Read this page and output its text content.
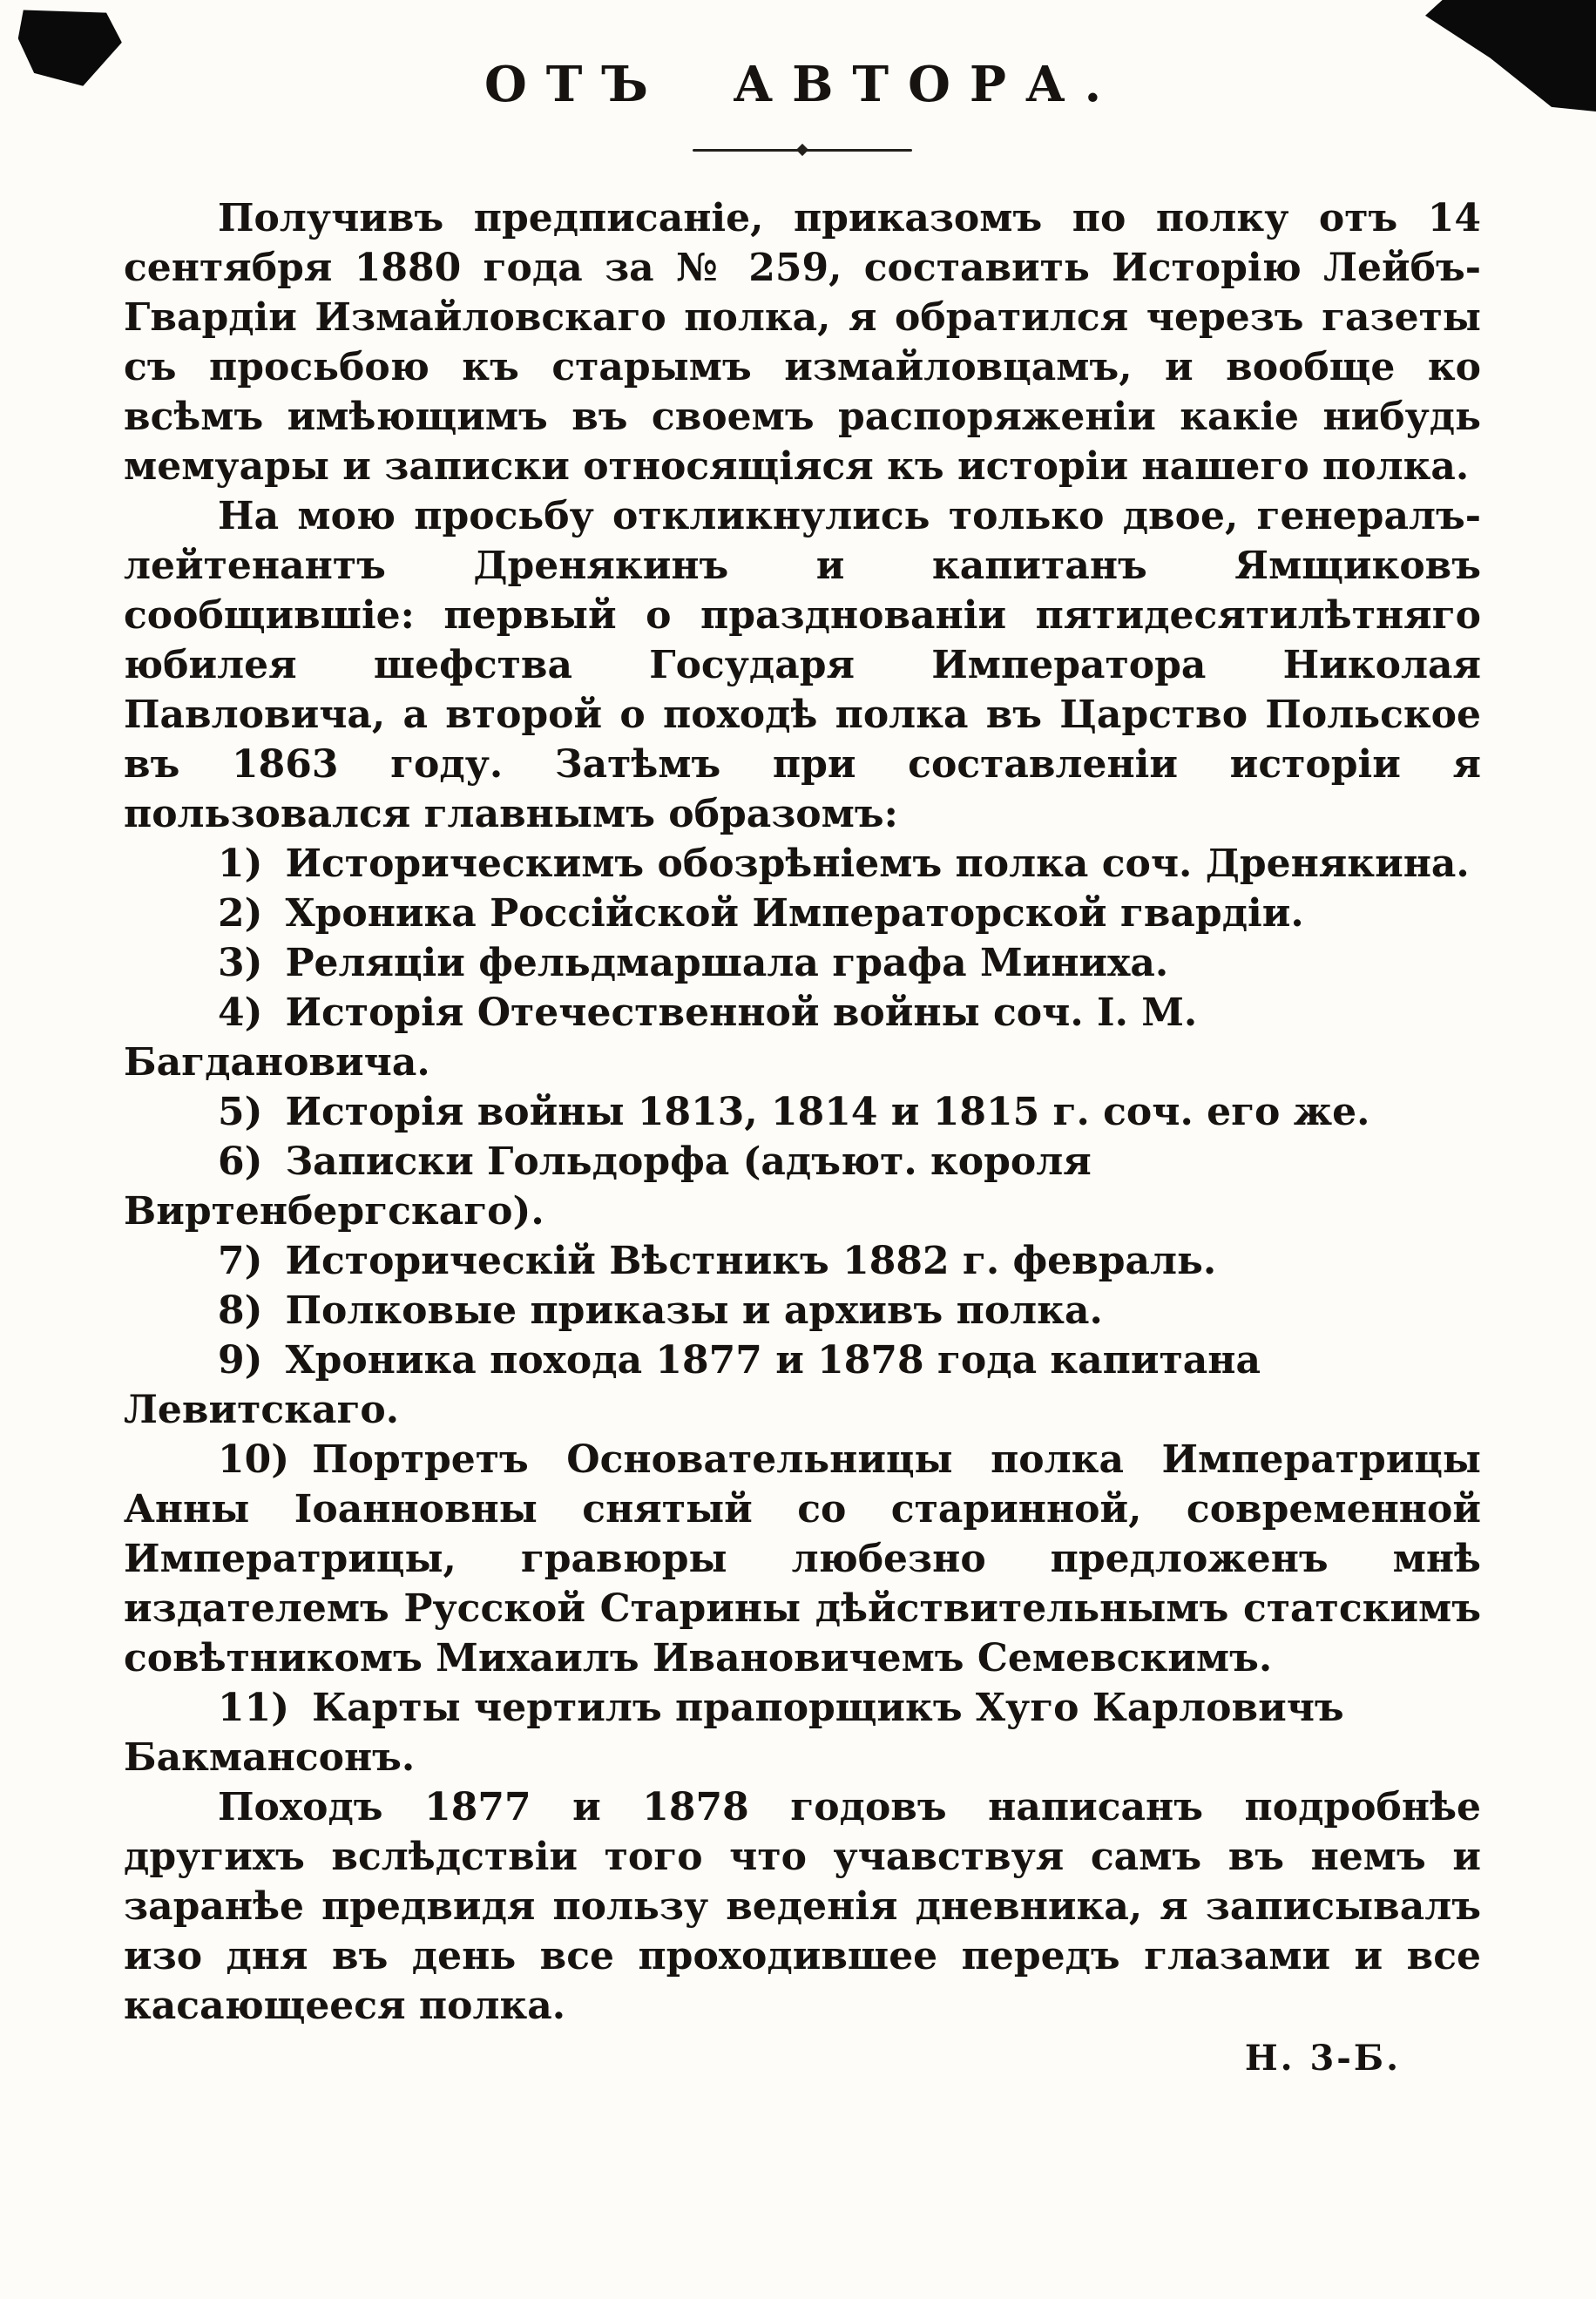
ОТЪ АВТОРА.

Получивъ предписаніе, приказомъ по полку отъ 14 сентября 1880 года за № 259, составить Исторію Лейбъ-Гвардіи Измайловскаго полка, я обратился черезъ газеты съ просьбою къ старымъ измайловцамъ, и вообще ко всѣмъ имѣющимъ въ своемъ распоряженіи какіе нибудь мемуары и записки относящіяся къ исторіи нашего полка.

На мою просьбу откликнулись только двое, генералъ-лейтенантъ Дренякинъ и капитанъ Ямщиковъ сообщившіе: первый о празднованіи пятидесятилѣтняго юбилея шефства Государя Императора Николая Павловича, а второй о походѣ полка въ Царство Польское въ 1863 году. Затѣмъ при составленіи исторіи я пользовался главнымъ образомъ:

1) Историческимъ обозрѣніемъ полка соч. Дренякина.

2) Хроника Россійской Императорской гвардіи.

3) Реляціи фельдмаршала графа Миниха.

4) Исторія Отечественной войны соч. І. М. Багдановича.

5) Исторія войны 1813, 1814 и 1815 г. соч. его же.

6) Записки Гольдорфа (адъют. короля Виртенбергскаго).

7) Историческій Вѣстникъ 1882 г. февраль.

8) Полковые приказы и архивъ полка.

9) Хроника похода 1877 и 1878 года капитана Левитскаго.

10) Портретъ Основательницы полка Императрицы Анны Іоанновны снятый со старинной, современной Императрицы, гравюры любезно предложенъ мнѣ издателемъ Русской Старины дѣйствительнымъ статскимъ совѣтникомъ Михаилъ Ивановичемъ Семевскимъ.

11) Карты чертилъ прапорщикъ Хуго Карловичъ Бакмансонъ.

Походъ 1877 и 1878 годовъ написанъ подробнѣе другихъ вслѣдствіи того что учавствуя самъ въ немъ и заранѣе предвидя пользу веденія дневника, я записывалъ изо дня въ день все проходившее передъ глазами и все касающееся полка.

Н. 3-Б.
